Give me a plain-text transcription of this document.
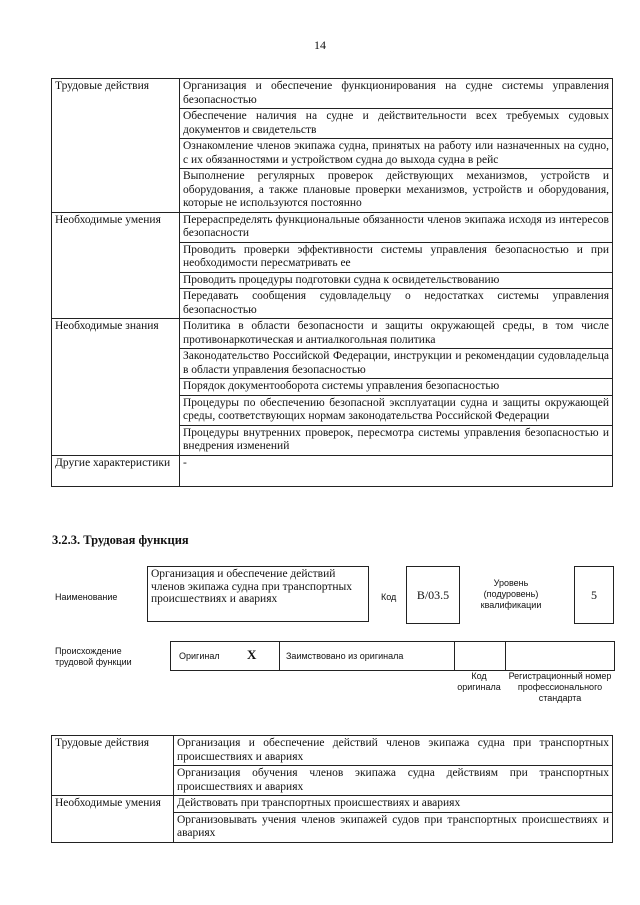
14
Трудовые действия	Организация и обеспечение функционирования на судне системы управления безопасностью
	Обеспечение наличия на судне и действительности всех требуемых судовых документов и свидетельств
	Ознакомление членов экипажа судна, принятых на работу или назначенных на судно, с их обязанностями и устройством судна до выхода судна в рейс
	Выполнение регулярных проверок действующих механизмов, устройств и оборудования, а также плановые проверки механизмов, устройств и оборудования, которые не используются постоянно
Необходимые умения	Перераспределять функциональные обязанности членов экипажа исходя из интересов безопасности
	Проводить проверки эффективности системы управления безопасностью и при необходимости пересматривать ее
	Проводить процедуры подготовки судна к освидетельствованию
	Передавать сообщения судовладельцу о недостатках системы управления безопасностью
Необходимые знания	Политика в области безопасности и защиты окружающей среды, в том числе противонаркотическая и антиалкогольная политика
	Законодательство Российской Федерации, инструкции и рекомендации судовладельца в области управления безопасностью
	Порядок документооборота системы управления безопасностью
	Процедуры по обеспечению безопасной эксплуатации судна и защиты окружающей среды, соответствующих нормам законодательства Российской Федерации
	Процедуры внутренних проверок, пересмотра системы управления безопасностью и внедрения изменений
Другие характеристики	-
3.2.3. Трудовая функция
Наименование
Организация и обеспечение действий членов экипажа судна при транспортных происшествиях и авариях	Код	B/03.5
Уровень (подуровень) квалификации
5
Происхождение трудовой функции
Оригинал X	Заимствовано из оригинала
Код оригинала
Регистрационный номер профессионального стандарта
Трудовые действия	Организация и обеспечение действий членов экипажа судна при транспортных происшествиях и авариях
	Организация обучения членов экипажа судна действиям при транспортных происшествиях и авариях
Необходимые умения	Действовать при транспортных происшествиях и авариях
	Организовывать учения членов экипажей судов при транспортных происшествиях и авариях
